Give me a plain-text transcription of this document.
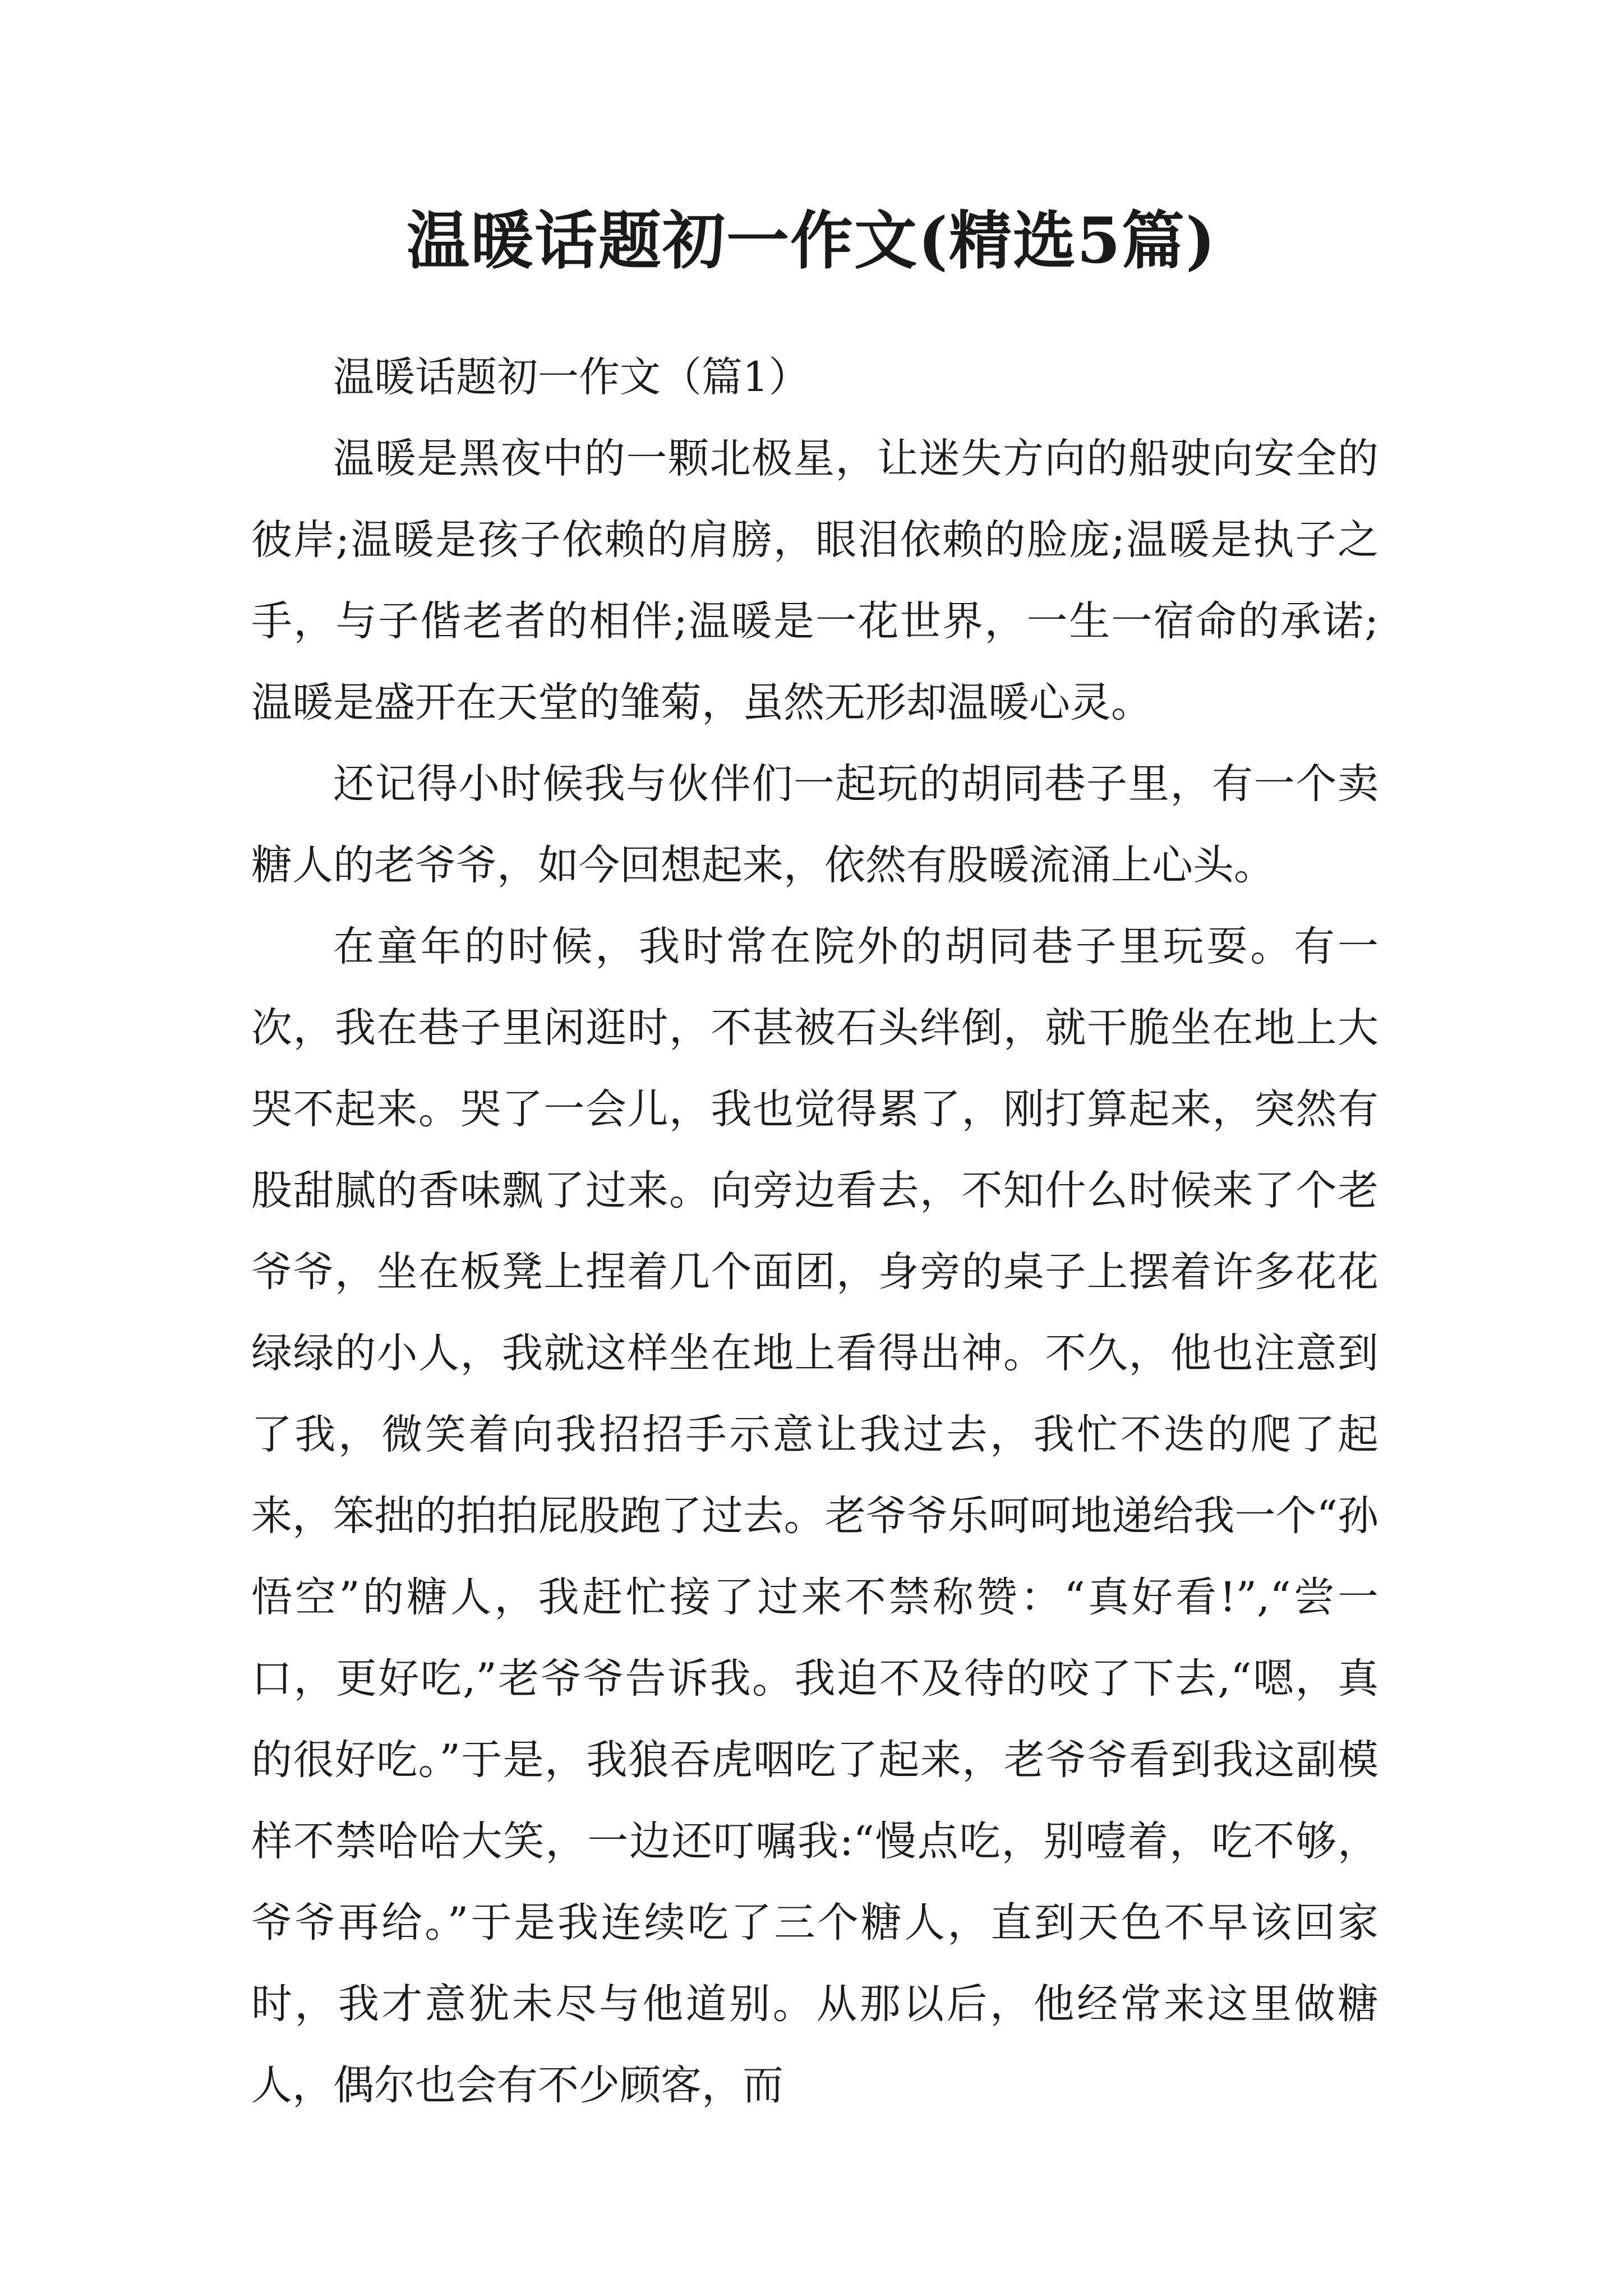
温暖话题初一作文(精选5篇)

温暖话题初一作文（篇1）

温暖是黑夜中的一颗北极星，让迷失方向的船驶向安全的彼岸;温暖是孩子依赖的肩膀，眼泪依赖的脸庞;温暖是执子之手，与子偕老者的相伴;温暖是一花世界，一生一宿命的承诺;温暖是盛开在天堂的雏菊，虽然无形却温暖心灵。

还记得小时候我与伙伴们一起玩的胡同巷子里，有一个卖糖人的老爷爷，如今回想起来，依然有股暖流涌上心头。

在童年的时候，我时常在院外的胡同巷子里玩耍。有一次，我在巷子里闲逛时，不甚被石头绊倒，就干脆坐在地上大哭不起来。哭了一会儿，我也觉得累了，刚打算起来，突然有股甜腻的香味飘了过来。向旁边看去，不知什么时候来了个老爷爷，坐在板凳上捏着几个面团，身旁的桌子上摆着许多花花绿绿的小人，我就这样坐在地上看得出神。不久，他也注意到了我，微笑着向我招招手示意让我过去，我忙不迭的爬了起来，笨拙的拍拍屁股跑了过去。老爷爷乐呵呵地递给我一个“孙悟空”的糖人，我赶忙接了过来不禁称赞：“真好看!”,“尝一口，更好吃,”老爷爷告诉我。我迫不及待的咬了下去,“嗯，真的很好吃。”于是，我狼吞虎咽吃了起来，老爷爷看到我这副模样不禁哈哈大笑，一边还叮嘱我:“慢点吃，别噎着，吃不够，爷爷再给。”于是我连续吃了三个糖人，直到天色不早该回家时，我才意犹未尽与他道别。从那以后，他经常来这里做糖人，偶尔也会有不少顾客，而
